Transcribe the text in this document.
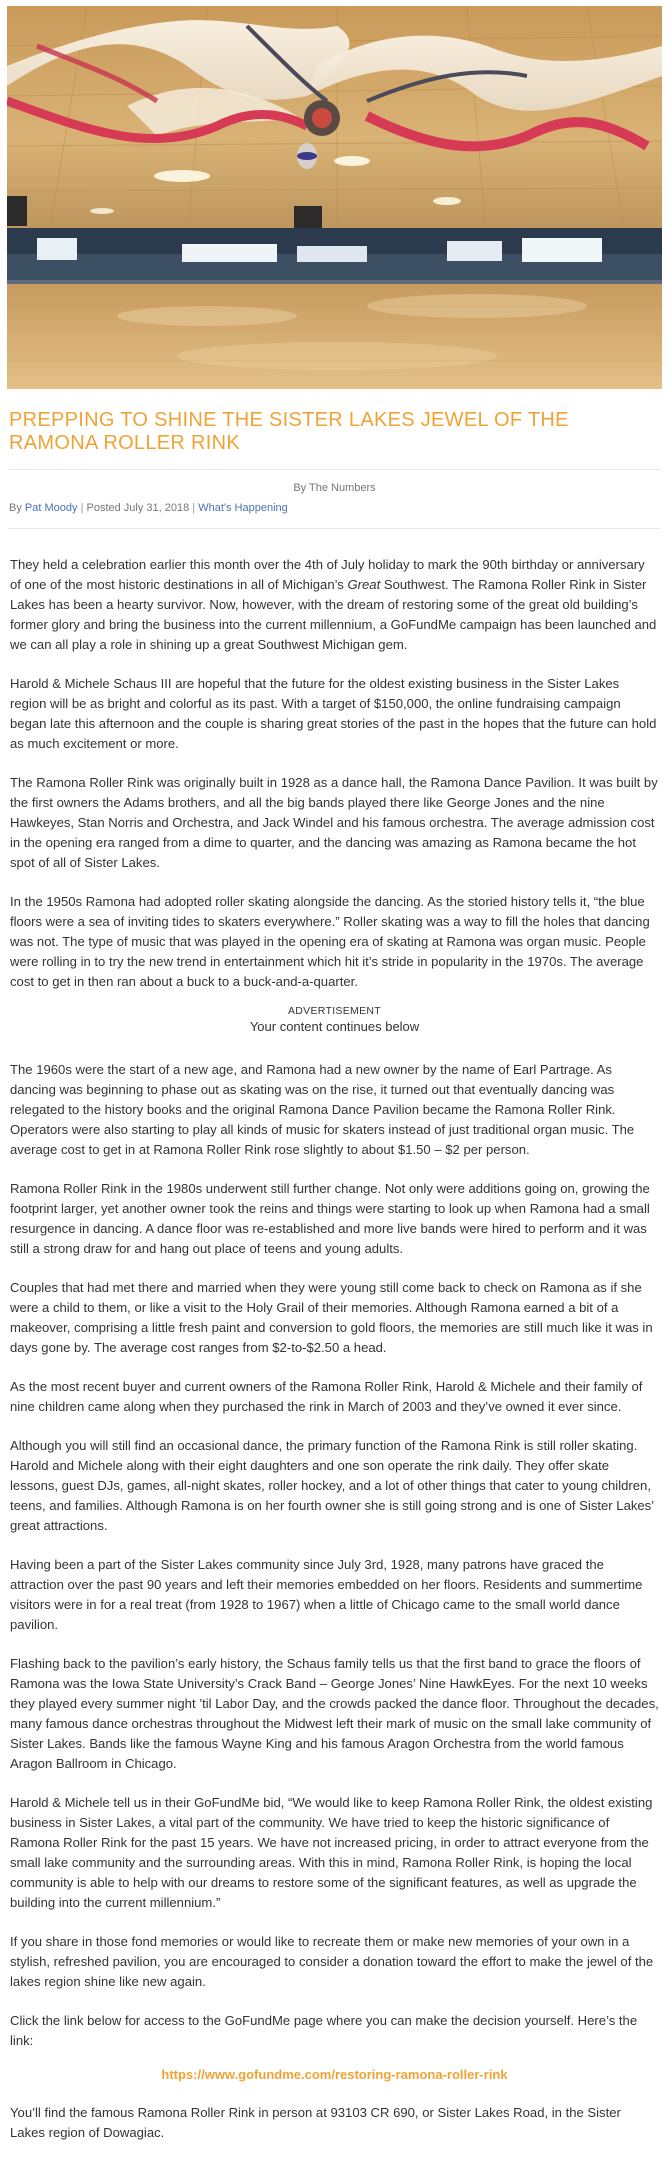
PREPPING TO SHINE THE SISTER LAKES JEWEL OF THE RAMONA ROLLER RINK
By The Numbers
By Pat Moody | Posted July 31, 2018 | What's Happening

They held a celebration earlier this month over the 4th of July holiday to mark the 90th birthday or anniversary of one of the most historic destinations in all of Michigan’s Great Southwest. The Ramona Roller Rink in Sister Lakes has been a hearty survivor. Now, however, with the dream of restoring some of the great old building’s former glory and bring the business into the current millennium, a GoFundMe campaign has been launched and we can all play a role in shining up a great Southwest Michigan gem.

Harold & Michele Schaus III are hopeful that the future for the oldest existing business in the Sister Lakes region will be as bright and colorful as its past. With a target of $150,000, the online fundraising campaign began late this afternoon and the couple is sharing great stories of the past in the hopes that the future can hold as much excitement or more.

The Ramona Roller Rink was originally built in 1928 as a dance hall, the Ramona Dance Pavilion. It was built by the first owners the Adams brothers, and all the big bands played there like George Jones and the nine Hawkeyes, Stan Norris and Orchestra, and Jack Windel and his famous orchestra. The average admission cost in the opening era ranged from a dime to quarter, and the dancing was amazing as Ramona became the hot spot of all of Sister Lakes.

In the 1950s Ramona had adopted roller skating alongside the dancing. As the storied history tells it, “the blue floors were a sea of inviting tides to skaters everywhere.” Roller skating was a way to fill the holes that dancing was not. The type of music that was played in the opening era of skating at Ramona was organ music. People were rolling in to try the new trend in entertainment which hit it’s stride in popularity in the 1970s. The average cost to get in then ran about a buck to a buck-and-a-quarter.

ADVERTISEMENT
Your content continues below

The 1960s were the start of a new age, and Ramona had a new owner by the name of Earl Partrage. As dancing was beginning to phase out as skating was on the rise, it turned out that eventually dancing was relegated to the history books and the original Ramona Dance Pavilion became the Ramona Roller Rink. Operators were also starting to play all kinds of music for skaters instead of just traditional organ music. The average cost to get in at Ramona Roller Rink rose slightly to about $1.50 – $2 per person.

Ramona Roller Rink in the 1980s underwent still further change. Not only were additions going on, growing the footprint larger, yet another owner took the reins and things were starting to look up when Ramona had a small resurgence in dancing. A dance floor was re-established and more live bands were hired to perform and it was still a strong draw for and hang out place of teens and young adults.

Couples that had met there and married when they were young still come back to check on Ramona as if she were a child to them, or like a visit to the Holy Grail of their memories. Although Ramona earned a bit of a makeover, comprising a little fresh paint and conversion to gold floors, the memories are still much like it was in days gone by. The average cost ranges from $2-to-$2.50 a head.

As the most recent buyer and current owners of the Ramona Roller Rink, Harold & Michele and their family of nine children came along when they purchased the rink in March of 2003 and they’ve owned it ever since.

Although you will still find an occasional dance, the primary function of the Ramona Rink is still roller skating. Harold and Michele along with their eight daughters and one son operate the rink daily. They offer skate lessons, guest DJs, games, all-night skates, roller hockey, and a lot of other things that cater to young children, teens, and families. Although Ramona is on her fourth owner she is still going strong and is one of Sister Lakes’ great attractions.

Having been a part of the Sister Lakes community since July 3rd, 1928, many patrons have graced the attraction over the past 90 years and left their memories embedded on her floors. Residents and summertime visitors were in for a real treat (from 1928 to 1967) when a little of Chicago came to the small world dance pavilion.

Flashing back to the pavilion’s early history, the Schaus family tells us that the first band to grace the floors of Ramona was the Iowa State University’s Crack Band – George Jones’ Nine HawkEyes. For the next 10 weeks they played every summer night ’til Labor Day, and the crowds packed the dance floor. Throughout the decades, many famous dance orchestras throughout the Midwest left their mark of music on the small lake community of Sister Lakes. Bands like the famous Wayne King and his famous Aragon Orchestra from the world famous Aragon Ballroom in Chicago.

Harold & Michele tell us in their GoFundMe bid, “We would like to keep Ramona Roller Rink, the oldest existing business in Sister Lakes, a vital part of the community. We have tried to keep the historic significance of Ramona Roller Rink for the past 15 years. We have not increased pricing, in order to attract everyone from the small lake community and the surrounding areas. With this in mind, Ramona Roller Rink, is hoping the local community is able to help with our dreams to restore some of the significant features, as well as upgrade the building into the current millennium.”

If you share in those fond memories or would like to recreate them or make new memories of your own in a stylish, refreshed pavilion, you are encouraged to consider a donation toward the effort to make the jewel of the lakes region shine like new again.

Click the link below for access to the GoFundMe page where you can make the decision yourself. Here’s the link:

https://www.gofundme.com/restoring-ramona-roller-rink

You’ll find the famous Ramona Roller Rink in person at 93103 CR 690, or Sister Lakes Road, in the Sister Lakes region of Dowagiac.
